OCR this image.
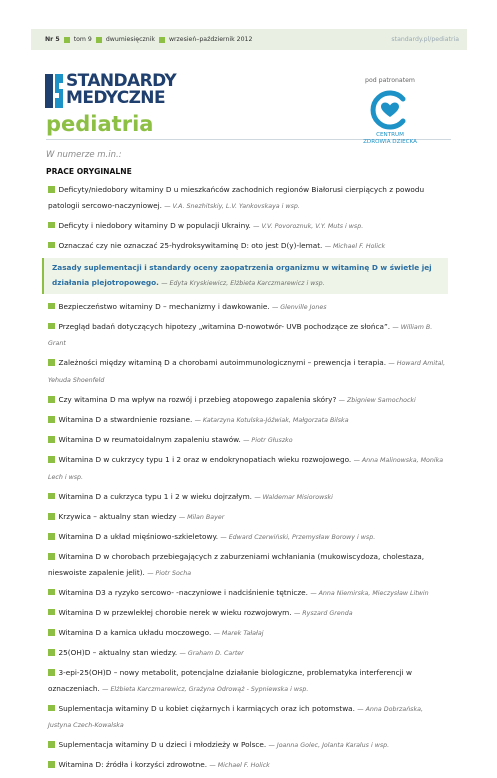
Nr 5 tom 9 dwumiesięcznik wrzesień–październik 2012	standardy.pl/pediatria
STANDARDY
MEDYCZNE
pediatria
pod patronatem
CENTRUM
ZDROWIA DZIECKA
W numerze m.in.:
PRACE ORYGINALNE
Deficyty/niedobory witaminy D u mieszkańców zachodnich regionów Białorusi cierpiących z powodu patologii sercowo-naczyniowej. — V.A. Snezhitskiy, L.V. Yankovskaya i wsp.
Deficyty i niedobory witaminy D w populacji Ukrainy. — V.V. Povoroznuk, V.Y. Muts i wsp.
Oznaczać czy nie oznaczać 25-hydroksywitaminę D: oto jest D(y)-lemat. — Michael F. Holick
Zasady suplementacji i standardy oceny zaopatrzenia organizmu w witaminę D w świetle jej działania plejotropowego. — Edyta Kryskiewicz, Elżbieta Karczmarewicz i wsp.
Bezpieczeństwo witaminy D – mechanizmy i dawkowanie. — Glenville Jones
Przegląd badań dotyczących hipotezy „witamina D-nowotwór- UVB pochodzące ze słońca”. — William B. Grant
Zależności między witaminą D a chorobami autoimmunologicznymi – prewencja i terapia. — Howard Amital, Yehuda Shoenfeld
Czy witamina D ma wpływ na rozwój i przebieg atopowego zapalenia skóry? — Zbigniew Samochocki
Witamina D a stwardnienie rozsiane. — Katarzyna Kotulska-Jóźwiak, Małgorzata Bilska
Witamina D w reumatoidalnym zapaleniu stawów. — Piotr Głuszko
Witamina D w cukrzycy typu 1 i 2 oraz w endokrynopatiach wieku rozwojowego. — Anna Malinowska, Monika Lech i wsp.
Witamina D a cukrzyca typu 1 i 2 w wieku dojrzałym. — Waldemar Misiorowski
Krzywica – aktualny stan wiedzy — Milan Bayer
Witamina D a układ mięśniowo-szkieletowy. — Edward Czerwiński, Przemysław Borowy i wsp.
Witamina D w chorobach przebiegających z zaburzeniami wchłaniania (mukowiscydoza, cholestaza, nieswoiste zapalenie jelit). — Piotr Socha
Witamina D3 a ryzyko sercowo- -naczyniowe i nadciśnienie tętnicze. — Anna Niemirska, Mieczysław Litwin
Witamina D w przewlekłej chorobie nerek w wieku rozwojowym. — Ryszard Grenda
Witamina D a kamica układu moczowego. — Marek Tałałaj
25(OH)D – aktualny stan wiedzy. — Graham D. Carter
3-epi-25(OH)D – nowy metabolit, potencjalne działanie biologiczne, problematyka interferencji w oznaczeniach. — Elżbieta Karczmarewicz, Grażyna Odrowąż - Sypniewska i wsp.
Suplementacja witaminy D u kobiet ciężarnych i karmiących oraz ich potomstwa. — Anna Dobrzańska, Justyna Czech-Kowalska
Suplementacja witaminy D u dzieci i młodzieży w Polsce. — Joanna Golec, Jolanta Karalus i wsp.
Witamina D: źródła i korzyści zdrowotne. — Michael F. Holick
